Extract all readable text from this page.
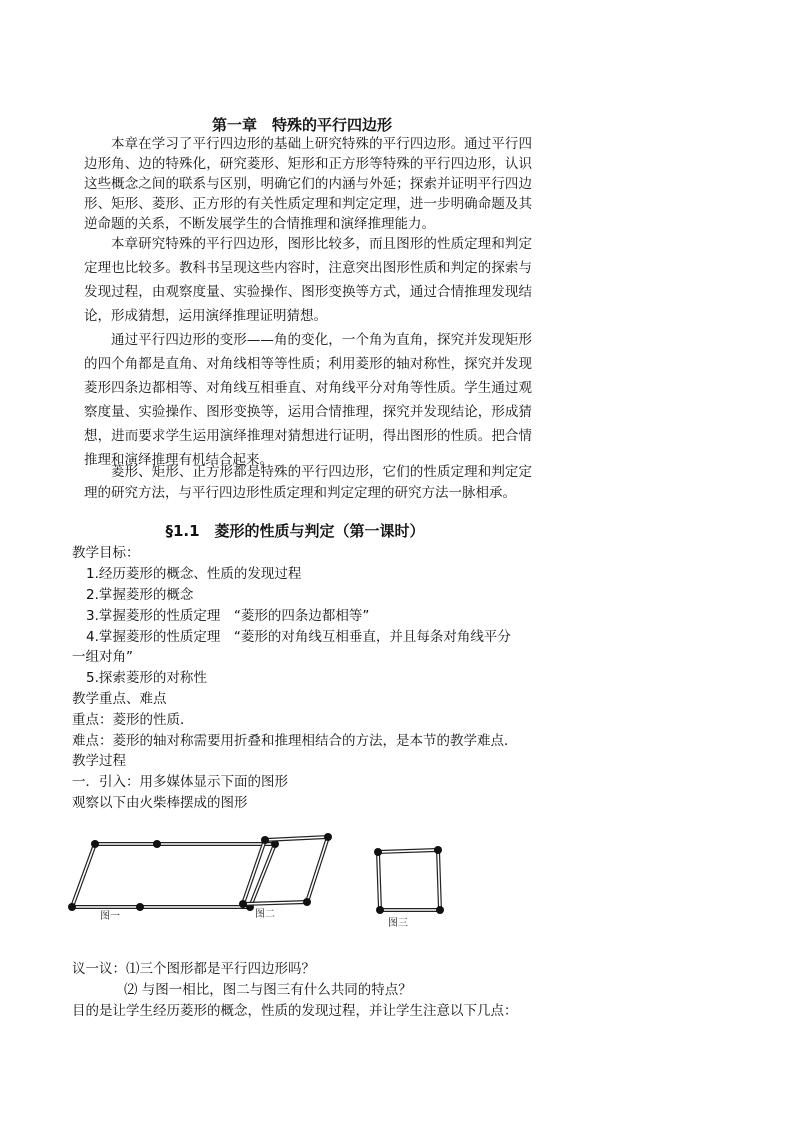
第一章　特殊的平行四边形

本章在学习了平行四边形的基础上研究特殊的平行四边形。通过平行四边形角、边的特殊化，研究菱形、矩形和正方形等特殊的平行四边形，认识这些概念之间的联系与区别，明确它们的内涵与外延；探索并证明平行四边形、矩形、菱形、正方形的有关性质定理和判定定理，进一步明确命题及其逆命题的关系，不断发展学生的合情推理和演绎推理能力。

本章研究特殊的平行四边形，图形比较多，而且图形的性质定理和判定定理也比较多。教科书呈现这些内容时，注意突出图形性质和判定的探索与发现过程，由观察度量、实验操作、图形变换等方式，通过合情推理发现结论，形成猜想，运用演绎推理证明猜想。

通过平行四边形的变形——角的变化，一个角为直角，探究并发现矩形的四个角都是直角、对角线相等等性质；利用菱形的轴对称性，探究并发现菱形四条边都相等、对角线互相垂直、对角线平分对角等性质。学生通过观察度量、实验操作、图形变换等，运用合情推理，探究并发现结论，形成猜想，进而要求学生运用演绎推理对猜想进行证明，得出图形的性质。把合情推理和演绎推理有机结合起来。

菱形、矩形、正方形都是特殊的平行四边形，它们的性质定理和判定定理的研究方法，与平行四边形性质定理和判定定理的研究方法一脉相承。

§1.1　菱形的性质与判定（第一课时）

教学目标：

1.经历菱形的概念、性质的发现过程

2.掌握菱形的概念

3.掌握菱形的性质定理　“菱形的四条边都相等”

4.掌握菱形的性质定理　“菱形的对角线互相垂直，并且每条对角线平分

一组对角”

5.探索菱形的对称性

教学重点、难点

重点：菱形的性质．

难点：菱形的轴对称需要用折叠和推理相结合的方法，是本节的教学难点．

教学过程

一．引入：用多媒体显示下面的图形

观察以下由火柴棒摆成的图形

图一	图二
图三

议一议：⑴三个图形都是平行四边形吗？

⑵ 与图一相比，图二与图三有什么共同的特点？

目的是让学生经历菱形的概念，性质的发现过程，并让学生注意以下几点：
